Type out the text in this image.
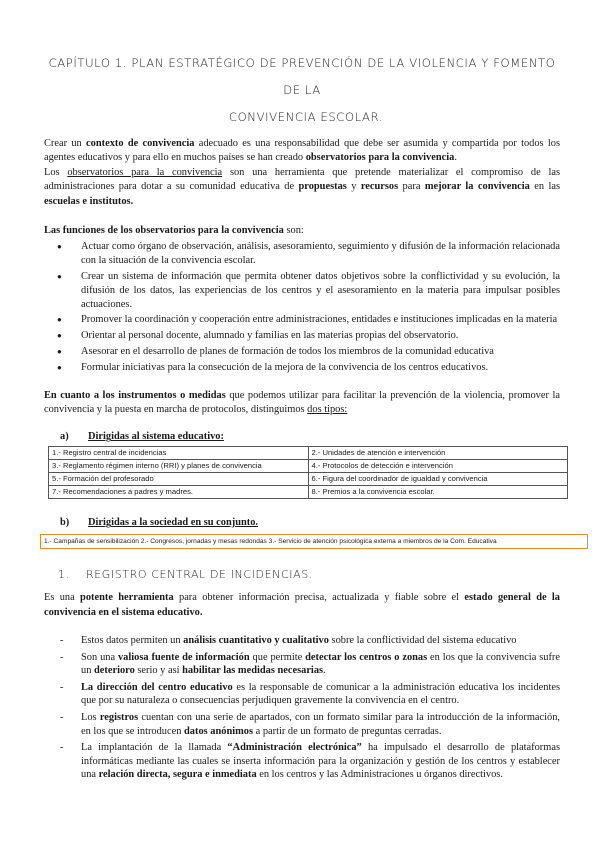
CAPÍTULO 1. PLAN ESTRATÉGICO DE PREVENCIÓN DE LA VIOLENCIA Y FOMENTO DE LA
CONVIVENCIA ESCOLAR.

Crear un contexto de convivencia adecuado es una responsabilidad que debe ser asumida y compartida por todos los agentes educativos y para ello en muchos países se han creado observatorios para la convivencia.

Los observatorios para la convivencia son una herramienta que pretende materializar el compromiso de las administraciones para dotar a su comunidad educativa de propuestas y recursos para mejorar la convivencia en las escuelas e institutos.

Las funciones de los observatorios para la convivencia son:

● Actuar como órgano de observación, análisis, asesoramiento, seguimiento y difusión de la información relacionada con la situación de la convivencia escolar.
● Crear un sistema de información que permita obtener datos objetivos sobre la conflictividad y su evolución, la difusión de los datos, las experiencias de los centros y el asesoramiento en la materia para impulsar posibles actuaciones.
● Promover la coordinación y cooperación entre administraciones, entidades e instituciones implicadas en la materia
● Orientar al personal docente, alumnado y familias en las materias propias del observatorio.
● Asesorar en el desarrollo de planes de formación de todos los miembros de la comunidad educativa
● Formular iniciativas para la consecución de la mejora de la convivencia de los centros educativos.

En cuanto a los instrumentos o medidas que podemos utilizar para facilitar la prevención de la violencia, promover la convivencia y la puesta en marcha de protocolos, distinguimos dos tipos:

a) Dirigidas al sistema educativo:
1.- Registro central de incidencias	2.- Unidades de atención e intervención
3.- Reglamento régimen interno (RRI) y planes de convivencia	4.- Protocolos de detección e intervención
5.- Formación del profesorado	6.- Figura del coordinador de igualdad y convivencia
7.- Recomendaciones a padres y madres.	8.- Premios a la convivencia escolar.
b) Dirigidas a la sociedad en su conjunto.
1.- Campañas de sensibilización 2.- Congresos, jornadas y mesas redondas 3.- Servicio de atención psicológica externa a miembros de la Com. Educativa
1. REGISTRO CENTRAL DE INCIDENCIAS.

Es una potente herramienta para obtener información precisa, actualizada y fiable sobre el estado general de la convivencia en el sistema educativo.

- Estos datos permiten un análisis cuantitativo y cualitativo sobre la conflictividad del sistema educativo
- Son una valiosa fuente de información que permite detectar los centros o zonas en los que la convivencia sufre un deterioro serio y así habilitar las medidas necesarias.
- La dirección del centro educativo es la responsable de comunicar a la administración educativa los incidentes que por su naturaleza o consecuencias perjudiquen gravemente la convivencia en el centro.
- Los registros cuentan con una serie de apartados, con un formato similar para la introducción de la información, en los que se introducen datos anónimos a partir de un formato de preguntas cerradas.
- La implantación de la llamada “Administración electrónica” ha impulsado el desarrollo de plataformas informáticas mediante las cuales se inserta información para la organización y gestión de los centros y establecer una relación directa, segura e inmediata en los centros y las Administraciones u órganos directivos.
